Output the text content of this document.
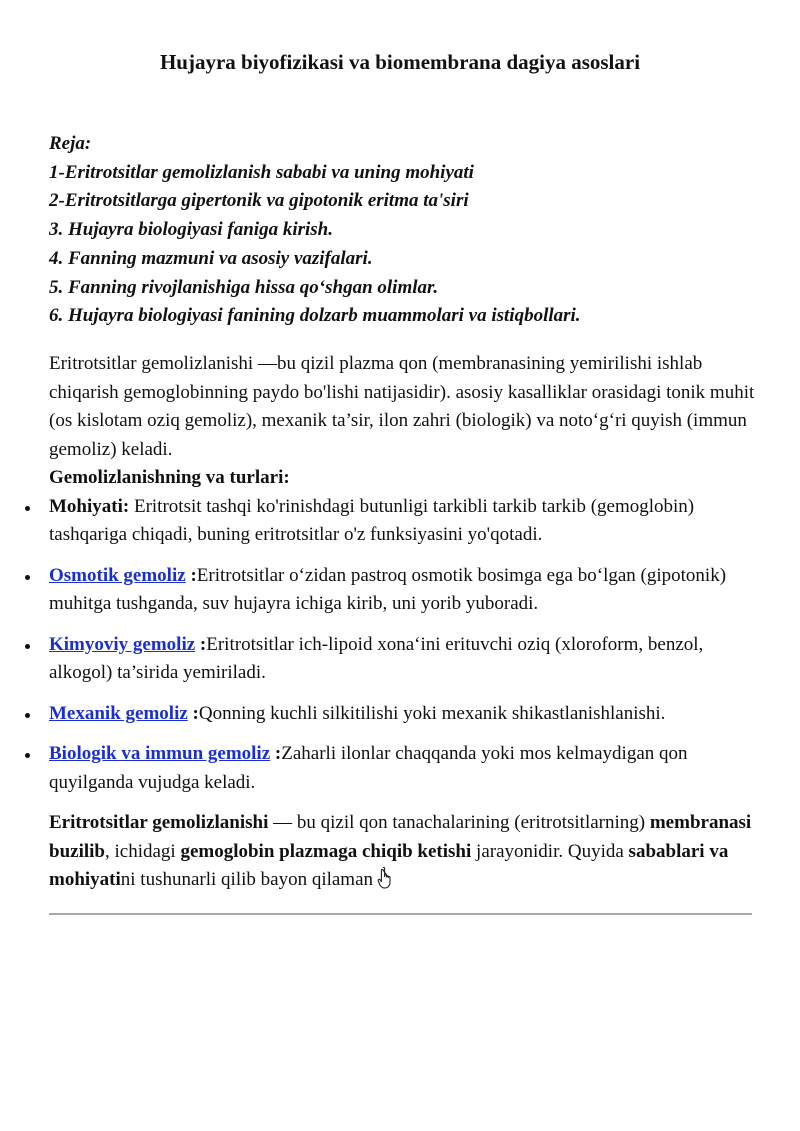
Hujayra biyofizikasi va biomembrana dagiya asoslari
Reja:
1-Eritrotsitlar gemolizlanish sababi va uning mohiyati
2-Eritrotsitlarga gipertonik va gipotonik eritma ta'siri
3. Hujayra biologiyasi faniga kirish.
4. Fanning mazmuni va asosiy vazifalari.
5. Fanning rivojlanishiga hissa qo‘shgan olimlar.
6. Hujayra biologiyasi fanining dolzarb muammolari va istiqbollari.

Eritrotsitlar gemolizlanishi —bu qizil plazma qon (membranasining yemirilishi ishlab chiqarish gemoglobinning paydo bo'lishi natijasidir). asosiy kasalliklar orasidagi tonik muhit (os kislotam oziq gemoliz), mexanik ta’sir, ilon zahri (biologik) va noto‘g‘ri quyish (immun gemoliz) keladi.

Gemolizlanishning va turlari:

Mohiyati: Eritrotsit tashqi ko'rinishdagi butunligi tarkibli tarkib tarkib (gemoglobin) tashqariga chiqadi, buning eritrotsitlar o'z funksiyasini yo'qotadi.
Osmotik gemoliz :Eritrotsitlar o‘zidan pastroq osmotik bosimga ega bo‘lgan (gipotonik) muhitga tushganda, suv hujayra ichiga kirib, uni yorib yuboradi.
Kimyoviy gemoliz :Eritrotsitlar ich-lipoid xona‘ini erituvchi oziq (xloroform, benzol, alkogol) ta’sirida yemiriladi.
Mexanik gemoliz :Qonning kuchli silkitilishi yoki mexanik shikastlanishlanishi.
Biologik va immun gemoliz :Zaharli ilonlar chaqqanda yoki mos kelmaydigan qon quyilganda vujudga keladi.

Eritrotsitlar gemolizlanishi — bu qizil qon tanachalarining (eritrotsitlarning) membranasi buzilib, ichidagi gemoglobin plazmaga chiqib ketishi jarayonidir. Quyida sabablari va mohiyatini tushunarli qilib bayon qilaman
